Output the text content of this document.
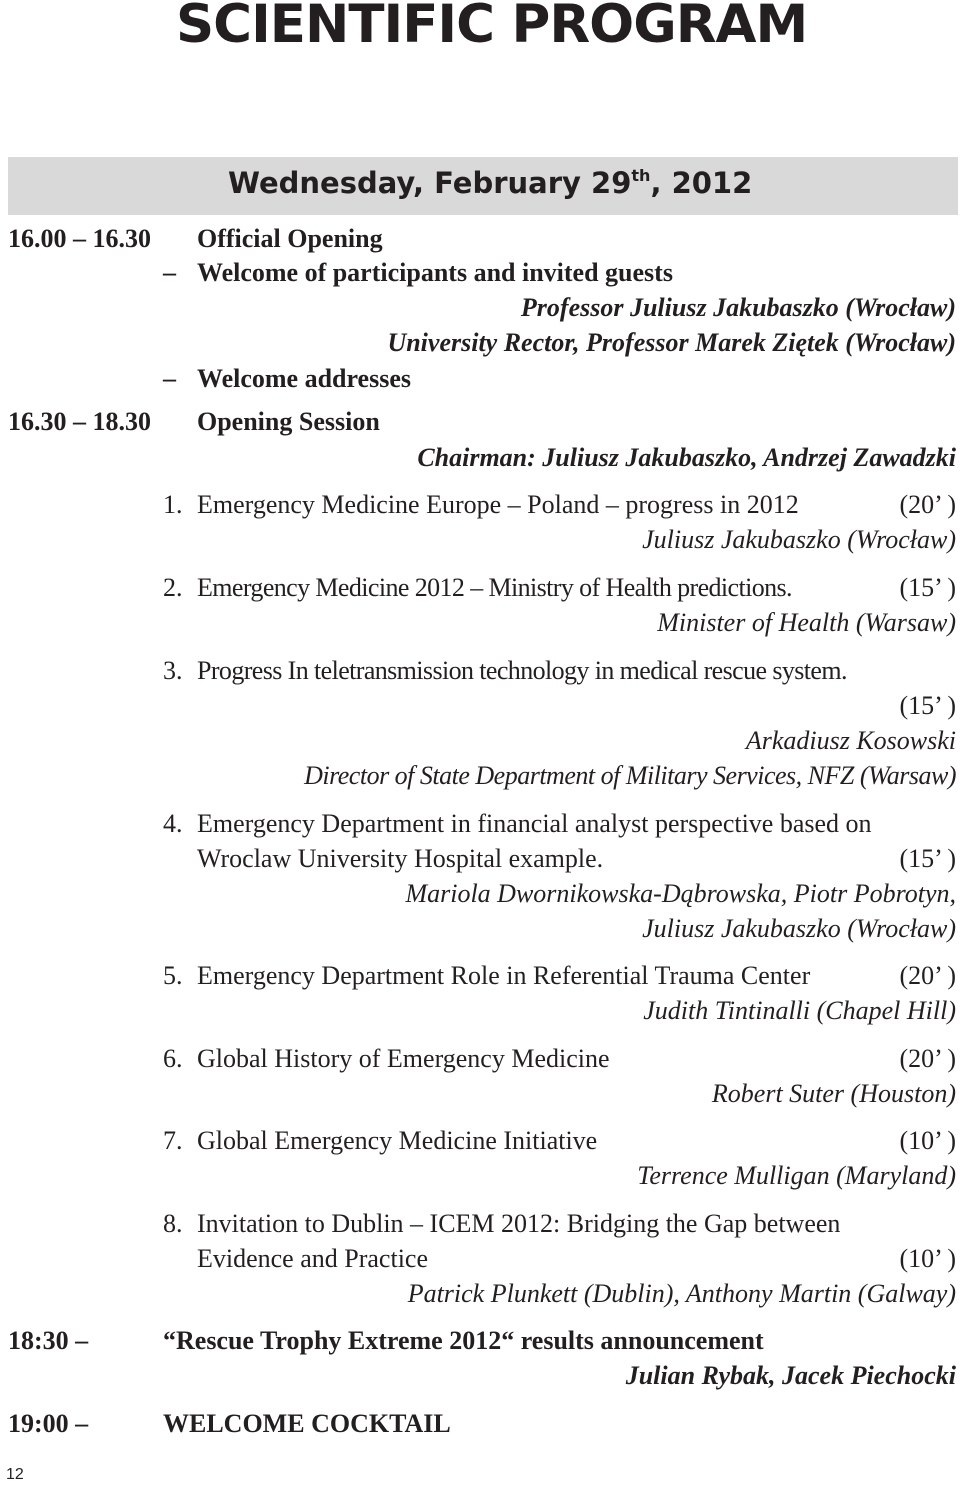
SCIENTIFIC PROGRAM
Wednesday, February 29th, 2012
16.00 – 16.30 Official Opening
– Welcome of participants and invited guests
Professor Juliusz Jakubaszko (Wrocław)
University Rector, Professor Marek Ziętek (Wrocław)
– Welcome addresses
16.30 – 18.30 Opening Session
Chairman: Juliusz Jakubaszko, Andrzej Zawadzki
1. Emergency Medicine Europe – Poland – progress in 2012	(20’ )
Juliusz Jakubaszko (Wrocław)
2. Emergency Medicine 2012 – Ministry of Health predictions.	(15’ )
Minister of Health (Warsaw)
3. Progress In teletransmission technology in medical rescue system.
(15’ )
Arkadiusz Kosowski
Director of State Department of Military Services, NFZ (Warsaw)
4. Emergency Department in financial analyst perspective based on
Wroclaw University Hospital example.	(15’ )
Mariola Dwornikowska-Dąbrowska, Piotr Pobrotyn,
Juliusz Jakubaszko (Wrocław)
5. Emergency Department Role in Referential Trauma Center	(20’ )
Judith Tintinalli (Chapel Hill)
6. Global History of Emergency Medicine	(20’ )
Robert Suter (Houston)
7. Global Emergency Medicine Initiative	(10’ )
Terrence Mulligan (Maryland)
8. Invitation to Dublin – ICEM 2012: Bridging the Gap between
Evidence and Practice	(10’ )
Patrick Plunkett (Dublin), Anthony Martin (Galway)
18:30 –	“Rescue Trophy Extreme 2012“ results announcement
Julian Rybak, Jacek Piechocki
19:00 –	WELCOME COCKTAIL
12
